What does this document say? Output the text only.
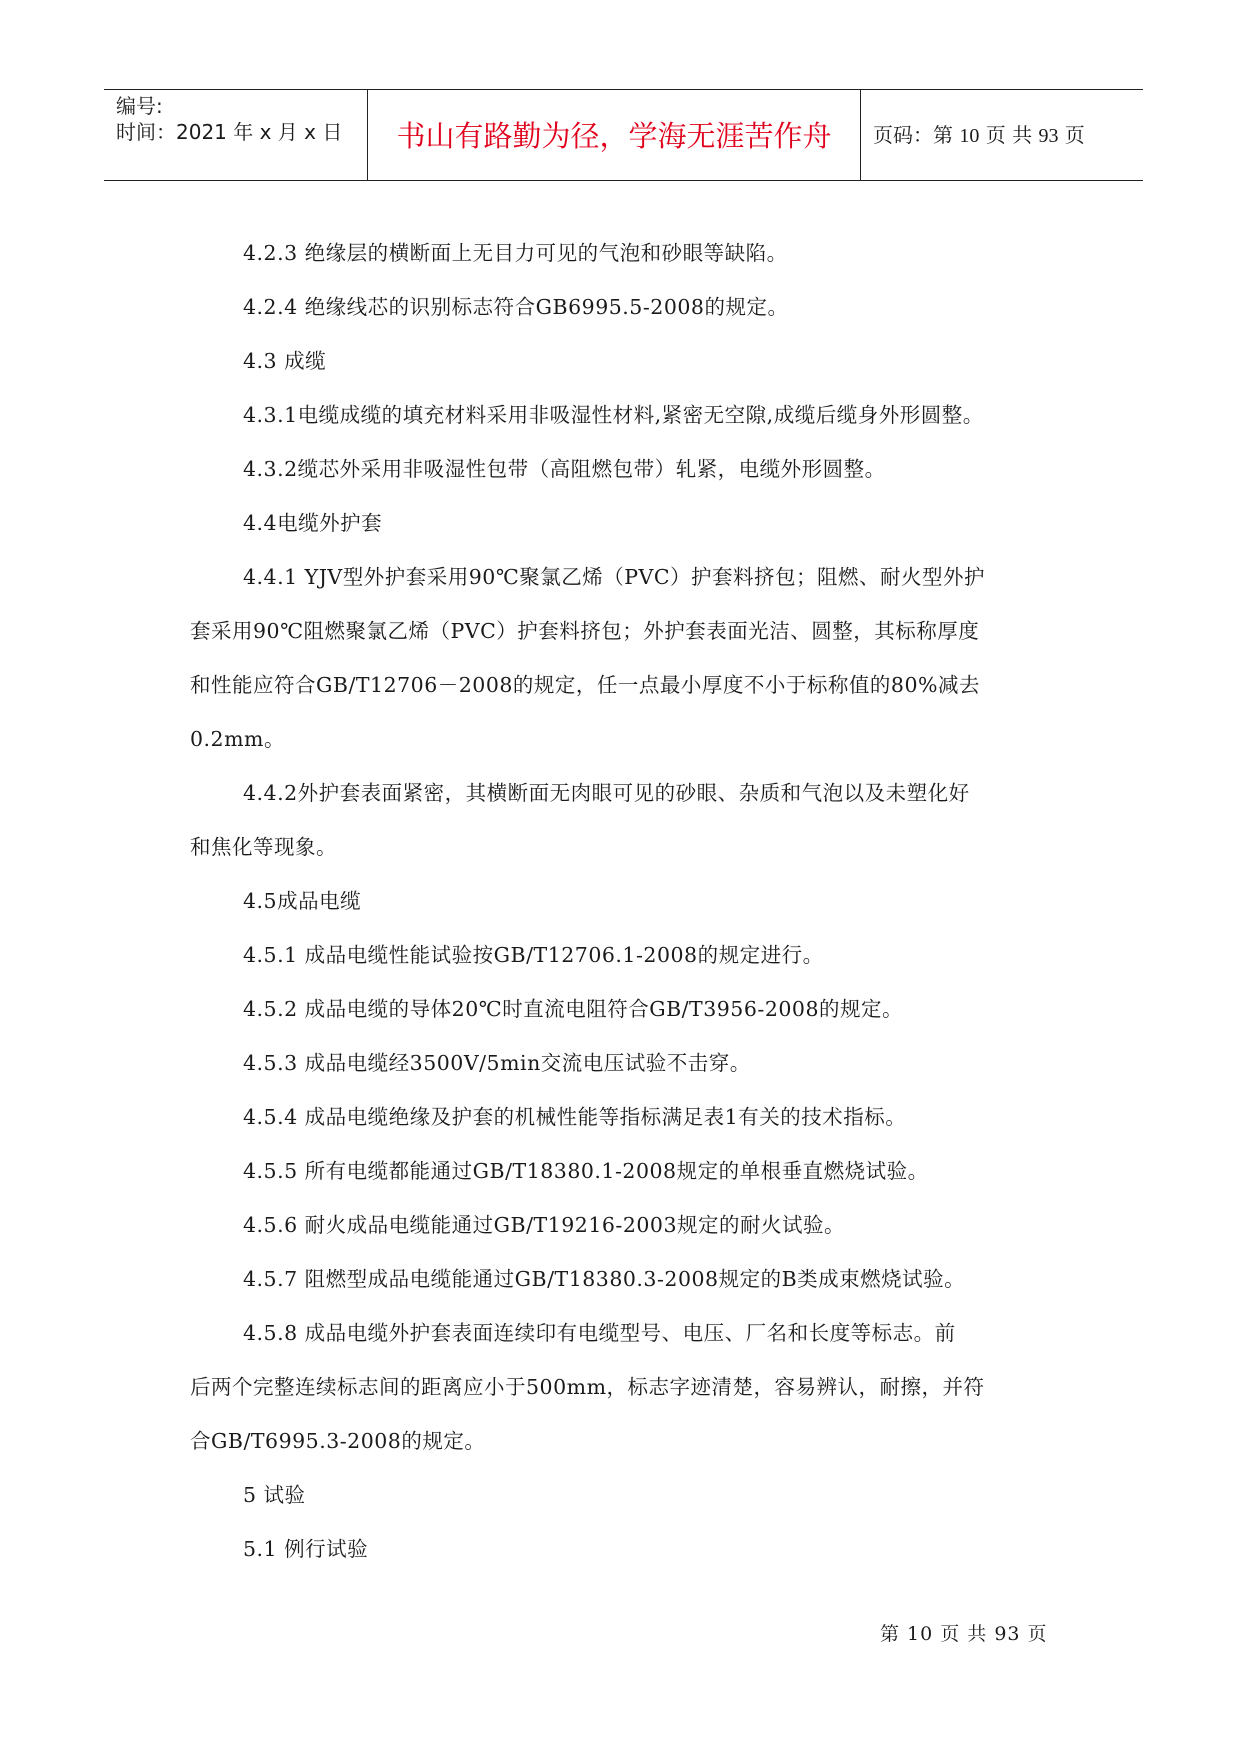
编号:
时间：2021 年 x 月 x 日	书山有路勤为径，学海无涯苦作舟	页码：第 10 页 共 93 页

4.2.3 绝缘层的横断面上无目力可见的气泡和砂眼等缺陷。

4.2.4 绝缘线芯的识别标志符合GB6995.5-2008的规定。

4.3 成缆

4.3.1电缆成缆的填充材料采用非吸湿性材料,紧密无空隙,成缆后缆身外形圆整。

4.3.2缆芯外采用非吸湿性包带（高阻燃包带）轧紧，电缆外形圆整。

4.4电缆外护套

4.4.1 YJV型外护套采用90℃聚氯乙烯（PVC）护套料挤包；阻燃、耐火型外护

套采用90℃阻燃聚氯乙烯（PVC）护套料挤包；外护套表面光洁、圆整，其标称厚度

和性能应符合GB/T12706－2008的规定，任一点最小厚度不小于标称值的80%减去

0.2mm。

4.4.2外护套表面紧密，其横断面无肉眼可见的砂眼、杂质和气泡以及未塑化好

和焦化等现象。

4.5成品电缆

4.5.1 成品电缆性能试验按GB/T12706.1-2008的规定进行。

4.5.2 成品电缆的导体20℃时直流电阻符合GB/T3956-2008的规定。

4.5.3 成品电缆经3500V/5min交流电压试验不击穿。

4.5.4 成品电缆绝缘及护套的机械性能等指标满足表1有关的技术指标。

4.5.5 所有电缆都能通过GB/T18380.1-2008规定的单根垂直燃烧试验。

4.5.6 耐火成品电缆能通过GB/T19216-2003规定的耐火试验。

4.5.7 阻燃型成品电缆能通过GB/T18380.3-2008规定的B类成束燃烧试验。

4.5.8 成品电缆外护套表面连续印有电缆型号、电压、厂名和长度等标志。前

后两个完整连续标志间的距离应小于500mm，标志字迹清楚，容易辨认，耐擦，并符

合GB/T6995.3-2008的规定。

5 试验

5.1 例行试验

第 10 页 共 93 页
